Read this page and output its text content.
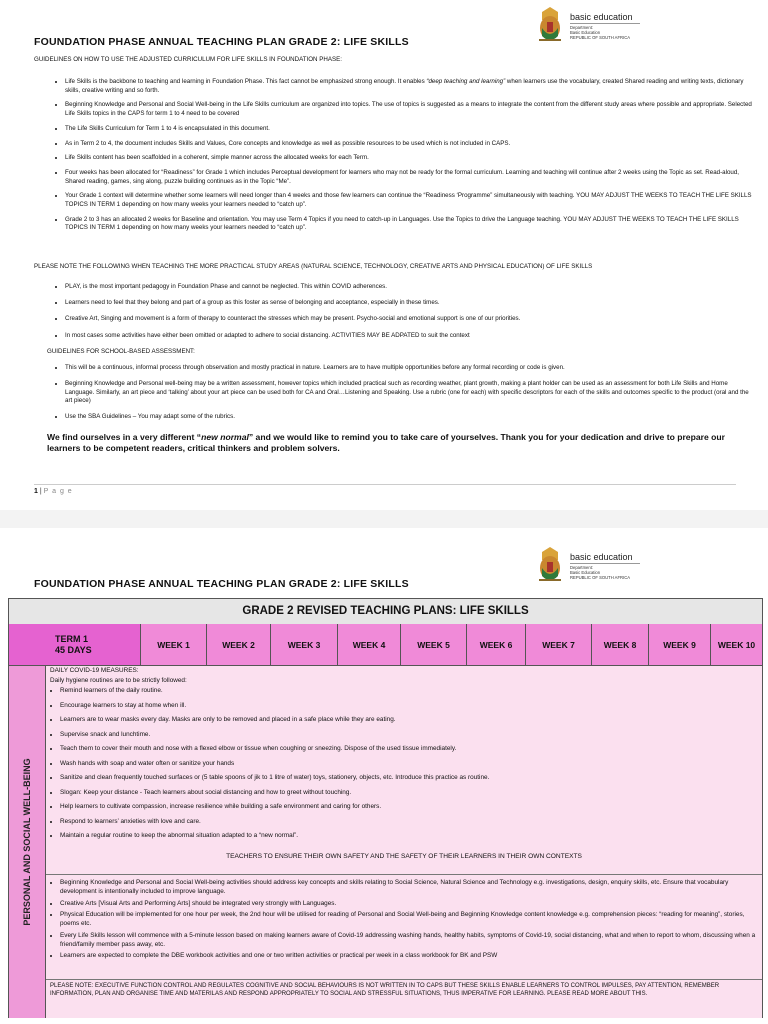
basic education
Department:
Basic Education
REPUBLIC OF SOUTH AFRICA
FOUNDATION PHASE ANNUAL TEACHING PLAN GRADE 2: LIFE SKILLS
GUIDELINES ON HOW TO USE THE ADJUSTED CURRICULUM FOR LIFE SKILLS IN FOUNDATION PHASE:
• Life Skills is the backbone to teaching and learning in Foundation Phase. This fact cannot be emphasized strong enough. It enables “deep teaching and learning” when learners use the vocabulary, created Shared reading and writing texts, dictionary skills, creative writing and so forth.
• Beginning Knowledge and Personal and Social Well-being in the Life Skills curriculum are organized into topics. The use of topics is suggested as a means to integrate the content from the different study areas where possible and appropriate. Selected Life Skills topics in the CAPS for term 1 to 4 need to be covered
• The Life Skills Curriculum for Term 1 to 4 is encapsulated in this document.
• As in Term 2 to 4, the document includes Skills and Values, Core concepts and knowledge as well as possible resources to be used which is not included in CAPS.
• Life Skills content has been scaffolded in a coherent, simple manner across the allocated weeks for each Term.
• Four weeks has been allocated for “Readiness” for Grade 1 which includes Perceptual development for learners who may not be ready for the formal curriculum. Learning and teaching will continue after 2 weeks using the Topic as set. Read-aloud, Shared reading, games, sing along, puzzle building continues as in the Topic “Me”.
• Your Grade 1 context will determine whether some learners will need longer than 4 weeks and those few learners can continue the “Readiness ‘Programme” simultaneously with teaching. YOU MAY ADJUST THE WEEKS TO TEACH THE LIFE SKILLS TOPICS IN TERM 1 depending on how many weeks your learners needed to “catch up”.
• Grade 2 to 3 has an allocated 2 weeks for Baseline and orientation. You may use Term 4 Topics if you need to catch-up in Languages. Use the Topics to drive the Language teaching. YOU MAY ADJUST THE WEEKS TO TEACH THE LIFE SKILLS TOPICS IN TERM 1 depending on how many weeks your learners needed to “catch up”.
PLEASE NOTE THE FOLLOWING WHEN TEACHING THE MORE PRACTICAL STUDY AREAS (NATURAL SCIENCE, TECHNOLOGY, CREATIVE ARTS AND PHYSICAL EDUCATION) OF LIFE SKILLS
• PLAY, is the most important pedagogy in Foundation Phase and cannot be neglected. This within COVID adherences.
• Learners need to feel that they belong and part of a group as this foster as sense of belonging and acceptance, especially in these times.
• Creative Art, Singing and movement is a form of therapy to counteract the stresses which may be present. Psycho-social and emotional support is one of our priorities.
• In most cases some activities have either been omitted or adapted to adhere to social distancing. ACTIVITIES MAY BE ADPATED to suit the context
GUIDELINES FOR SCHOOL-BASED ASSESSMENT:
• This will be a continuous, informal process through observation and mostly practical in nature. Learners are to have multiple opportunities before any formal recording or code is given.
• Beginning Knowledge and Personal well-being may be a written assessment, however topics which included practical such as recording weather, plant growth, making a plant holder can be used as an assessment for both Life Skills and Home Language. Similarly, an art piece and ‘talking’ about your art piece can be used both for CA and Oral…Listening and Speaking. Use a rubric (one for each) with specific descriptors for each of the skills and outcomes specific to the product (oral and the art piece)
• Use the SBA Guidelines – You may adapt some of the rubrics.
We find ourselves in a very different “new normal” and we would like to remind you to take care of yourselves. Thank you for your dedication and drive to prepare our learners to be competent readers, critical thinkers and problem solvers.
1 | P a g e
basic education
Department:
Basic Education
REPUBLIC OF SOUTH AFRICA
FOUNDATION PHASE ANNUAL TEACHING PLAN GRADE 2: LIFE SKILLS
GRADE 2 REVISED TEACHING PLANS: LIFE SKILLS
TERM 1
45 DAYS	WEEK 1	WEEK 2	WEEK 3	WEEK 4	WEEK 5	WEEK 6	WEEK 7	WEEK 8	WEEK 9	WEEK 10
PERSONAL AND SOCIAL WELL-BEING
DAILY COVID-19 MEASURES:
Daily hygiene routines are to be strictly followed:
• Remind learners of the daily routine.
• Encourage learners to stay at home when ill.
• Learners are to wear masks every day. Masks are only to be removed and placed in a safe place while they are eating.
• Supervise snack and lunchtime.
• Teach them to cover their mouth and nose with a flexed elbow or tissue when coughing or sneezing. Dispose of the used tissue immediately.
• Wash hands with soap and water often or sanitize your hands
• Sanitize and clean frequently touched surfaces or (5 table spoons of jik to 1 litre of water) toys, stationery, objects, etc. Introduce this practice as routine.
• Slogan: Keep your distance - Teach learners about social distancing and how to greet without touching.
• Help learners to cultivate compassion, increase resilience while building a safe environment and caring for others.
• Respond to learners’ anxieties with love and care.
• Maintain a regular routine to keep the abnormal situation adapted to a “new normal”.
TEACHERS TO ENSURE THEIR OWN SAFETY AND THE SAFETY OF THEIR LEARNERS IN THEIR OWN CONTEXTS
• Beginning Knowledge and Personal and Social Well-being activities should address key concepts and skills relating to Social Science, Natural Science and Technology e.g. investigations, design, enquiry skills, etc. Ensure that vocabulary development is intentionally included to improve language.
• Creative Arts [Visual Arts and Performing Arts] should be integrated very strongly with Languages.
• Physical Education will be implemented for one hour per week, the 2nd hour will be utilised for reading of Personal and Social Well-being and Beginning Knowledge content knowledge e.g. comprehension pieces: “reading for meaning”, stories, poems etc.
• Every Life Skills lesson will commence with a 5-minute lesson based on making learners aware of Covid-19 addressing washing hands, healthy habits, symptoms of Covid-19, social distancing, what and when to report to whom, discussing when a friend/family member pass away, etc.
• Learners are expected to complete the DBE workbook activities and one or two written activities or practical per week in a class workbook for BK and PSW
PLEASE NOTE: EXECUTIVE FUNCTION CONTROL AND REGULATES COGNITIVE AND SOCIAL BEHAVIOURS IS NOT WRITTEN IN TO CAPS BUT THESE SKILLS ENABLE LEARNERS TO CONTROL IMPULSES, PAY ATTENTION, REMEMBER INFORMATION, PLAN AND ORGANISE TIME AND MATERILAS AND RESPOND APPROPRIATELY TO SOCIAL AND STRESSFUL SITUATIONS, THUS IMPERATIVE FOR LEARNING. PLEASE READ MORE ABOUT THIS.
